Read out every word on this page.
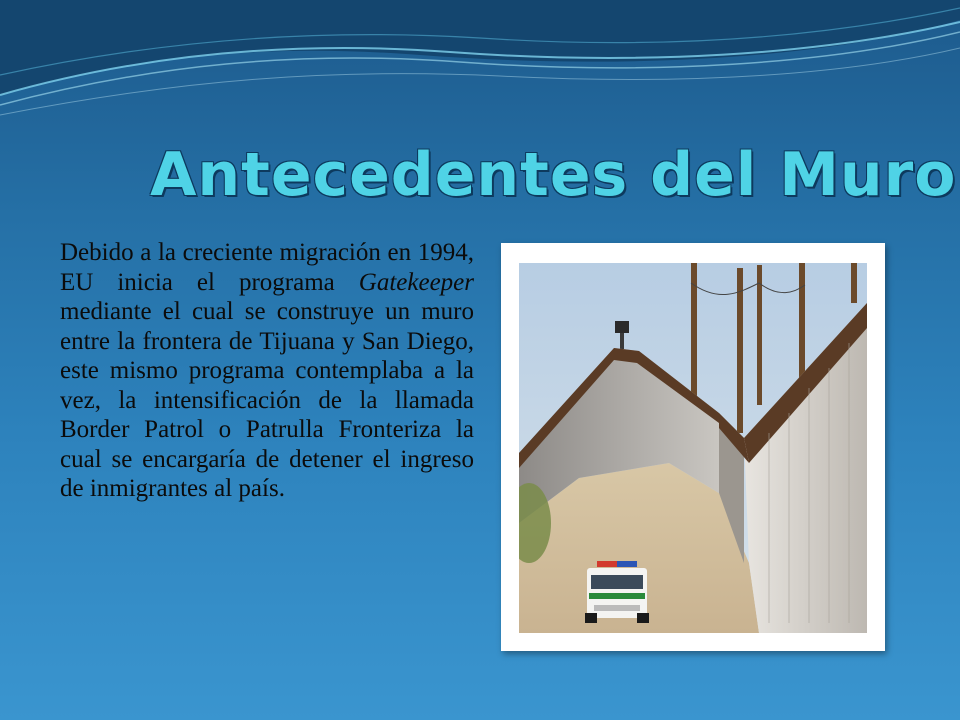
Antecedentes del Muro

Debido a la creciente migración en 1994, EU inicia el programa Gatekeeper mediante el cual se construye un muro entre la frontera de Tijuana y San Diego, este mismo programa contemplaba a la vez, la intensificación de la llamada Border Patrol o Patrulla Fronteriza la cual se encargaría de detener el ingreso de inmigrantes al país.
